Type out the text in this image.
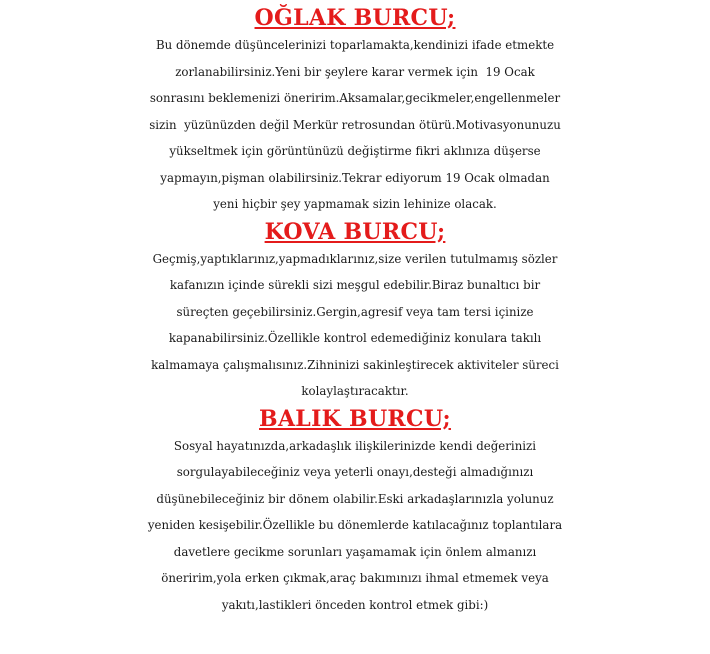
OĞLAK BURCU;

Bu dönemde düşüncelerinizi toparlamakta,kendinizi ifade etmekte

zorlanabilirsiniz.Yeni bir şeylere karar vermek için  19 Ocak

sonrasını beklemenizi öneririm.Aksamalar,gecikmeler,engellenmeler

sizin  yüzünüzden değil Merkür retrosundan ötürü.Motivasyonunuzu

yükseltmek için görüntünüzü değiştirme fikri aklınıza düşerse

yapmayın,pişman olabilirsiniz.Tekrar ediyorum 19 Ocak olmadan

yeni hiçbir şey yapmamak sizin lehinize olacak.

KOVA BURCU;

Geçmiş,yaptıklarınız,yapmadıklarınız,size verilen tutulmamış sözler

kafanızın içinde sürekli sizi meşgul edebilir.Biraz bunaltıcı bir

süreçten geçebilirsiniz.Gergin,agresif veya tam tersi içinize

kapanabilirsiniz.Özellikle kontrol edemediğiniz konulara takılı

kalmamaya çalışmalısınız.Zihninizi sakinleştirecek aktiviteler süreci

kolaylaştıracaktır.

BALIK BURCU;

Sosyal hayatınızda,arkadaşlık ilişkilerinizde kendi değerinizi

sorgulayabileceğiniz veya yeterli onayı,desteği almadığınızı

düşünebileceğiniz bir dönem olabilir.Eski arkadaşlarınızla yolunuz

yeniden kesişebilir.Özellikle bu dönemlerde katılacağınız toplantılara

davetlere gecikme sorunları yaşamamak için önlem almanızı

öneririm,yola erken çıkmak,araç bakımınızı ihmal etmemek veya

yakıtı,lastikleri önceden kontrol etmek gibi:)
